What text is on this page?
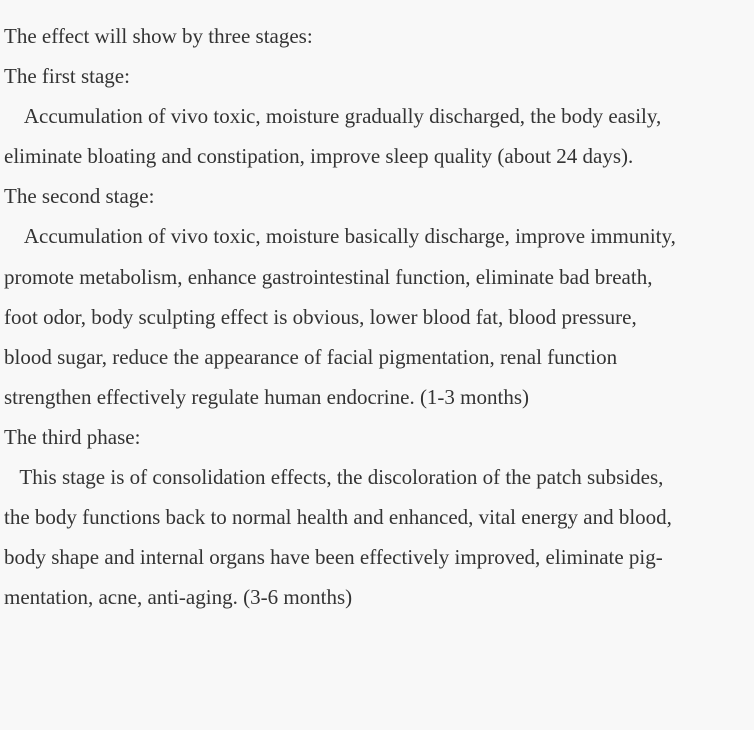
The effect will show by three stages:

The first stage:

Accumulation of vivo toxic, moisture gradually discharged, the body easily,

eliminate bloating and constipation, improve sleep quality (about 24 days).

The second stage:

Accumulation of vivo toxic, moisture basically discharge, improve immunity,

promote metabolism, enhance gastrointestinal function, eliminate bad breath,

foot odor, body sculpting effect is obvious, lower blood fat, blood pressure,

blood sugar, reduce the appearance of facial pigmentation, renal function

strengthen effectively regulate human endocrine. (1-3 months)

The third phase:

This stage is of consolidation effects, the discoloration of the patch subsides,

the body functions back to normal health and enhanced, vital energy and blood,

body shape and internal organs have been effectively improved, eliminate pig-

mentation, acne, anti-aging. (3-6 months)
